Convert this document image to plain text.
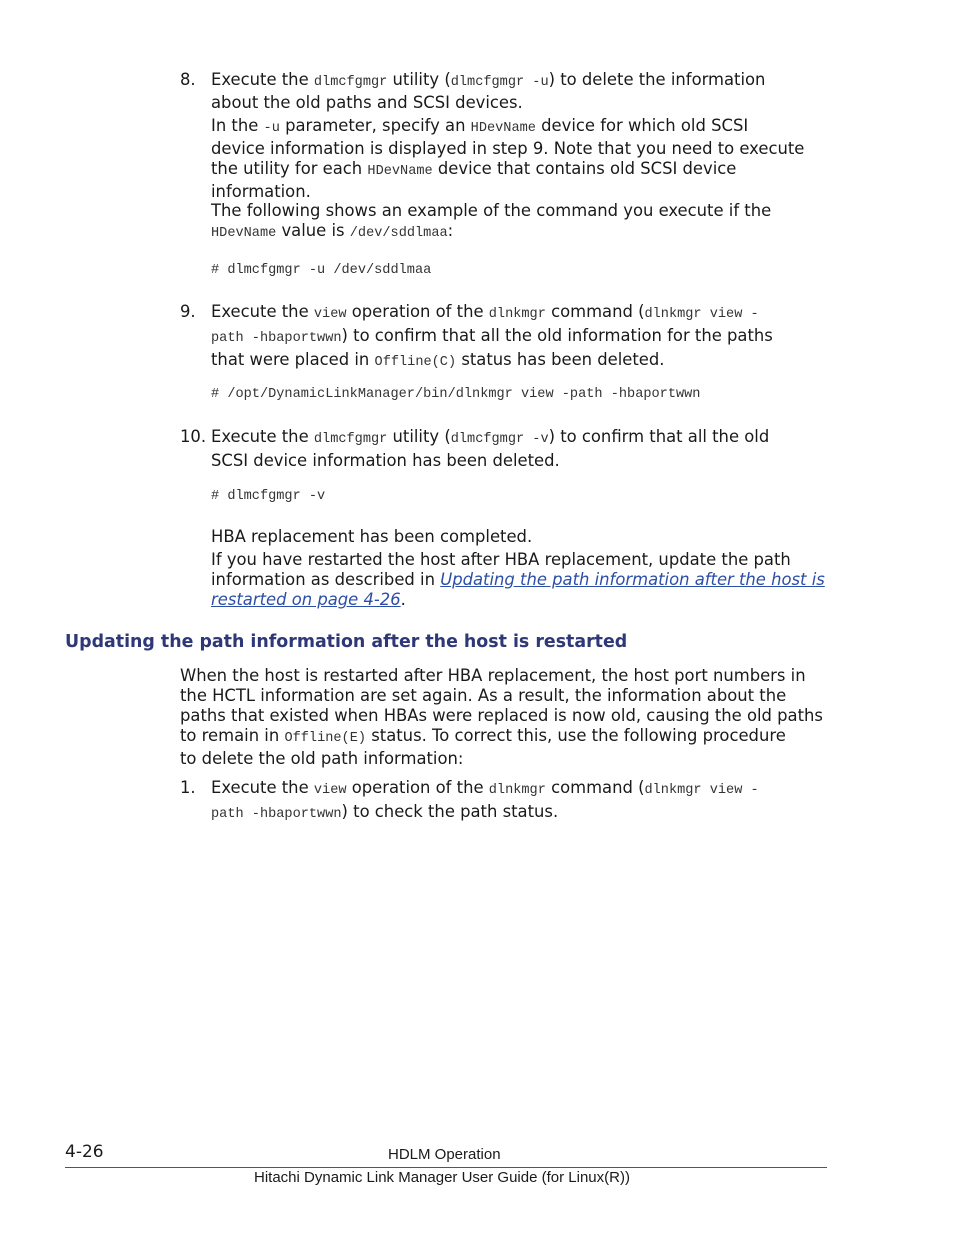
8. Execute the dlmcfgmgr utility (dlmcfgmgr -u) to delete the information
about the old paths and SCSI devices.
In the -u parameter, specify an HDevName device for which old SCSI
device information is displayed in step 9. Note that you need to execute
the utility for each HDevName device that contains old SCSI device
information.
The following shows an example of the command you execute if the
HDevName value is /dev/sddlmaa:
# dlmcfgmgr -u /dev/sddlmaa
9. Execute the view operation of the dlnkmgr command (dlnkmgr view -
path -hbaportwwn) to confirm that all the old information for the paths
that were placed in Offline(C) status has been deleted.
# /opt/DynamicLinkManager/bin/dlnkmgr view -path -hbaportwwn
10. Execute the dlmcfgmgr utility (dlmcfgmgr -v) to confirm that all the old
SCSI device information has been deleted.
# dlmcfgmgr -v
HBA replacement has been completed.
If you have restarted the host after HBA replacement, update the path
information as described in Updating the path information after the host is
restarted on page 4-26.
Updating the path information after the host is restarted
When the host is restarted after HBA replacement, the host port numbers in
the HCTL information are set again. As a result, the information about the
paths that existed when HBAs were replaced is now old, causing the old paths
to remain in Offline(E) status. To correct this, use the following procedure
to delete the old path information:
1. Execute the view operation of the dlnkmgr command (dlnkmgr view -
path -hbaportwwn) to check the path status.
4-26	HDLM Operation
Hitachi Dynamic Link Manager User Guide (for Linux(R))
